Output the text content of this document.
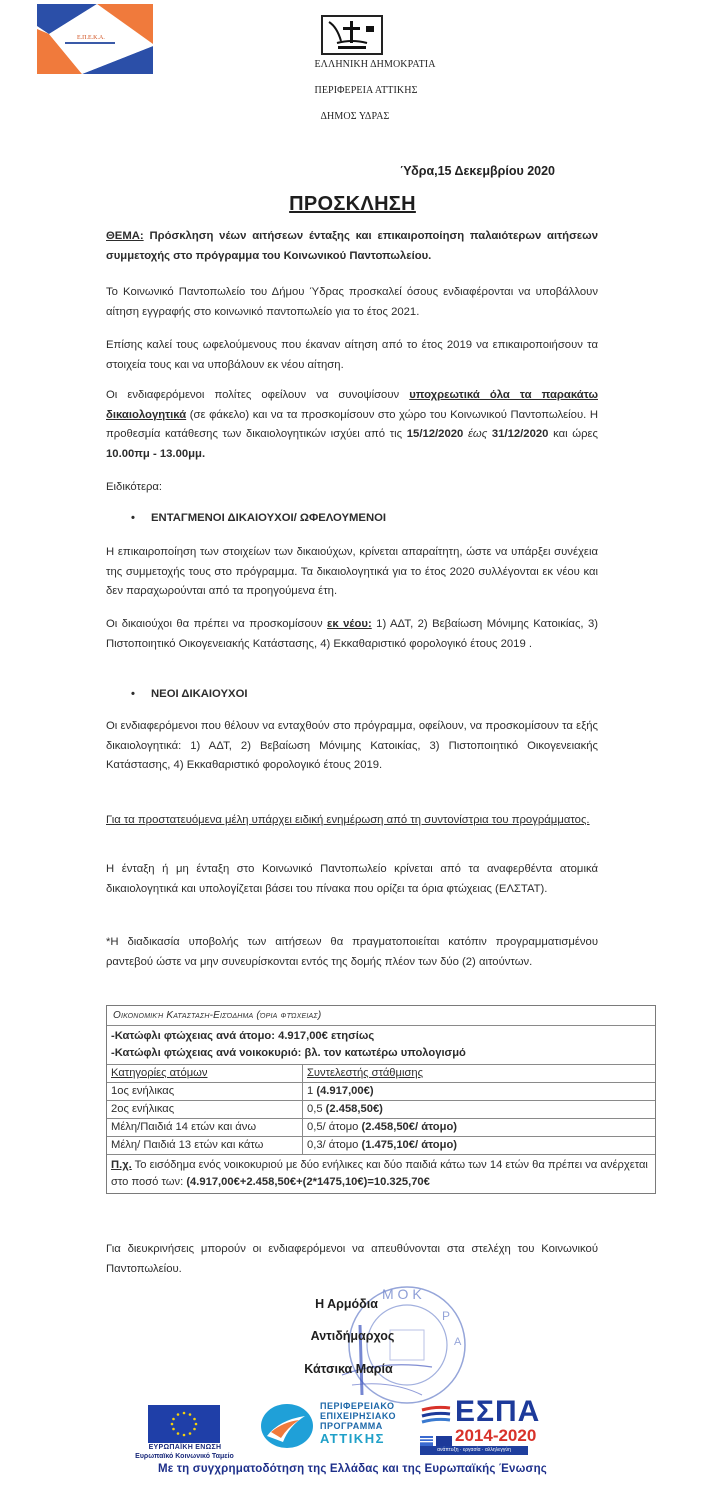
Ε.Π.Ε.Κ.Α.
ΕΛΛΗΝΙΚΗ ΔΗΜΟΚΡΑΤΙΑ
ΠΕΡΙΦΕΡΕΙΑ ΑΤΤΙΚΗΣ
ΔΗΜΟΣ ΥΔΡΑΣ
Ύδρα,15 Δεκεμβρίου 2020
ΠΡΟΣΚΛΗΣΗ
ΘΕΜΑ: Πρόσκληση νέων αιτήσεων ένταξης και επικαιροποίηση παλαιότερων αιτήσεων συμμετοχής στο πρόγραμμα του Κοινωνικού Παντοπωλείου.
Το Κοινωνικό Παντοπωλείο του Δήμου Ύδρας προσκαλεί όσους ενδιαφέρονται να υποβάλλουν αίτηση εγγραφής στο κοινωνικό παντοπωλείο για το έτος 2021.
Επίσης καλεί τους ωφελούμενους που έκαναν αίτηση από το έτος 2019 να επικαιροποιήσουν τα στοιχεία τους και να υποβάλουν εκ νέου αίτηση.
Οι ενδιαφερόμενοι πολίτες οφείλουν να συνοψίσουν υποχρεωτικά όλα τα παρακάτω δικαιολογητικά (σε φάκελο) και να τα προσκομίσουν στο χώρο του Κοινωνικού Παντοπωλείου. Η προθεσμία κατάθεσης των δικαιολογητικών ισχύει από τις 15/12/2020 έως 31/12/2020 και ώρες 10.00πμ - 13.00μμ.
Ειδικότερα:
• ΕΝΤΑΓΜΕΝΟΙ ΔΙΚΑΙΟΥΧΟΙ/ ΩΦΕΛΟΥΜΕΝΟΙ
Η επικαιροποίηση των στοιχείων των δικαιούχων, κρίνεται απαραίτητη, ώστε να υπάρξει συνέχεια της συμμετοχής τους στο πρόγραμμα. Τα δικαιολογητικά για το έτος 2020 συλλέγονται εκ νέου και δεν παραχωρούνται από τα προηγούμενα έτη.
Οι δικαιούχοι θα πρέπει να προσκομίσουν εκ νέου: 1) ΑΔΤ, 2) Βεβαίωση Μόνιμης Κατοικίας, 3) Πιστοποιητικό Οικογενειακής Κατάστασης, 4) Εκκαθαριστικό φορολογικό έτους 2019 .
• ΝΕΟΙ ΔΙΚΑΙΟΥΧΟΙ
Οι ενδιαφερόμενοι που θέλουν να ενταχθούν στο πρόγραμμα, οφείλουν, να προσκομίσουν τα εξής δικαιολογητικά: 1) ΑΔΤ, 2) Βεβαίωση Μόνιμης Κατοικίας, 3) Πιστοποιητικό Οικογενειακής Κατάστασης, 4) Εκκαθαριστικό φορολογικό έτους 2019.
Για τα προστατευόμενα μέλη υπάρχει ειδική ενημέρωση από τη συντονίστρια του προγράμματος.
Η ένταξη ή μη ένταξη στο Κοινωνικό Παντοπωλείο κρίνεται από τα αναφερθέντα ατομικά δικαιολογητικά και υπολογίζεται βάσει του πίνακα που ορίζει τα όρια φτώχειας (ΕΛΣΤΑΤ).
*Η διαδικασία υποβολής των αιτήσεων θα πραγματοποιείται κατόπιν προγραμματισμένου ραντεβού ώστε να μην συνευρίσκονται εντός της δομής πλέον των δύο (2) αιτούντων.
Οικονομική Κατάσταση-Εισόδημα (όρια φτώχειας)
-Κατώφλι φτώχειας ανά άτομο: 4.917,00€ ετησίως
-Κατώφλι φτώχειας ανά νοικοκυριό: βλ. τον κατωτέρω υπολογισμό
Κατηγορίες ατόμων	Συντελεστής στάθμισης
1ος ενήλικας	1 (4.917,00€)
2ος ενήλικας	0,5 (2.458,50€)
Μέλη/Παιδιά 14 ετών και άνω	0,5/ άτομο (2.458,50€/ άτομο)
Μέλη/ Παιδιά 13 ετών και κάτω	0,3/ άτομο (1.475,10€/ άτομο)
Π.χ. Το εισόδημα ενός νοικοκυριού με δύο ενήλικες και δύο παιδιά κάτω των 14 ετών θα πρέπει να ανέρχεται στο ποσό των: (4.917,00€+2.458,50€+(2*1475,10€)=10.325,70€
Για διευκρινήσεις μπορούν οι ενδιαφερόμενοι να απευθύνονται στα στελέχη του Κοινωνικού Παντοπωλείου.
Μ Ο Κ
Ρ
Α
Η Αρμόδια
Αντιδήμαρχος
Κάτσικα Μαρία
ΕΥΡΩΠΑΪΚΗ ΕΝΩΣΗ
Ευρωπαϊκό Κοινωνικό Ταμείο
ΠΕΡΙΦΕΡΕΙΑΚΟ
ΕΠΙΧΕΙΡΗΣΙΑΚΟ
ΠΡΟΓΡΑΜΜΑ
ΑΤΤΙΚΗΣ
ΕΣΠΑ
2014-2020
ανάπτυξη · εργασία · αλληλεγγύη
Με τη συγχρηματοδότηση της Ελλάδας και της Ευρωπαϊκής Ένωσης
